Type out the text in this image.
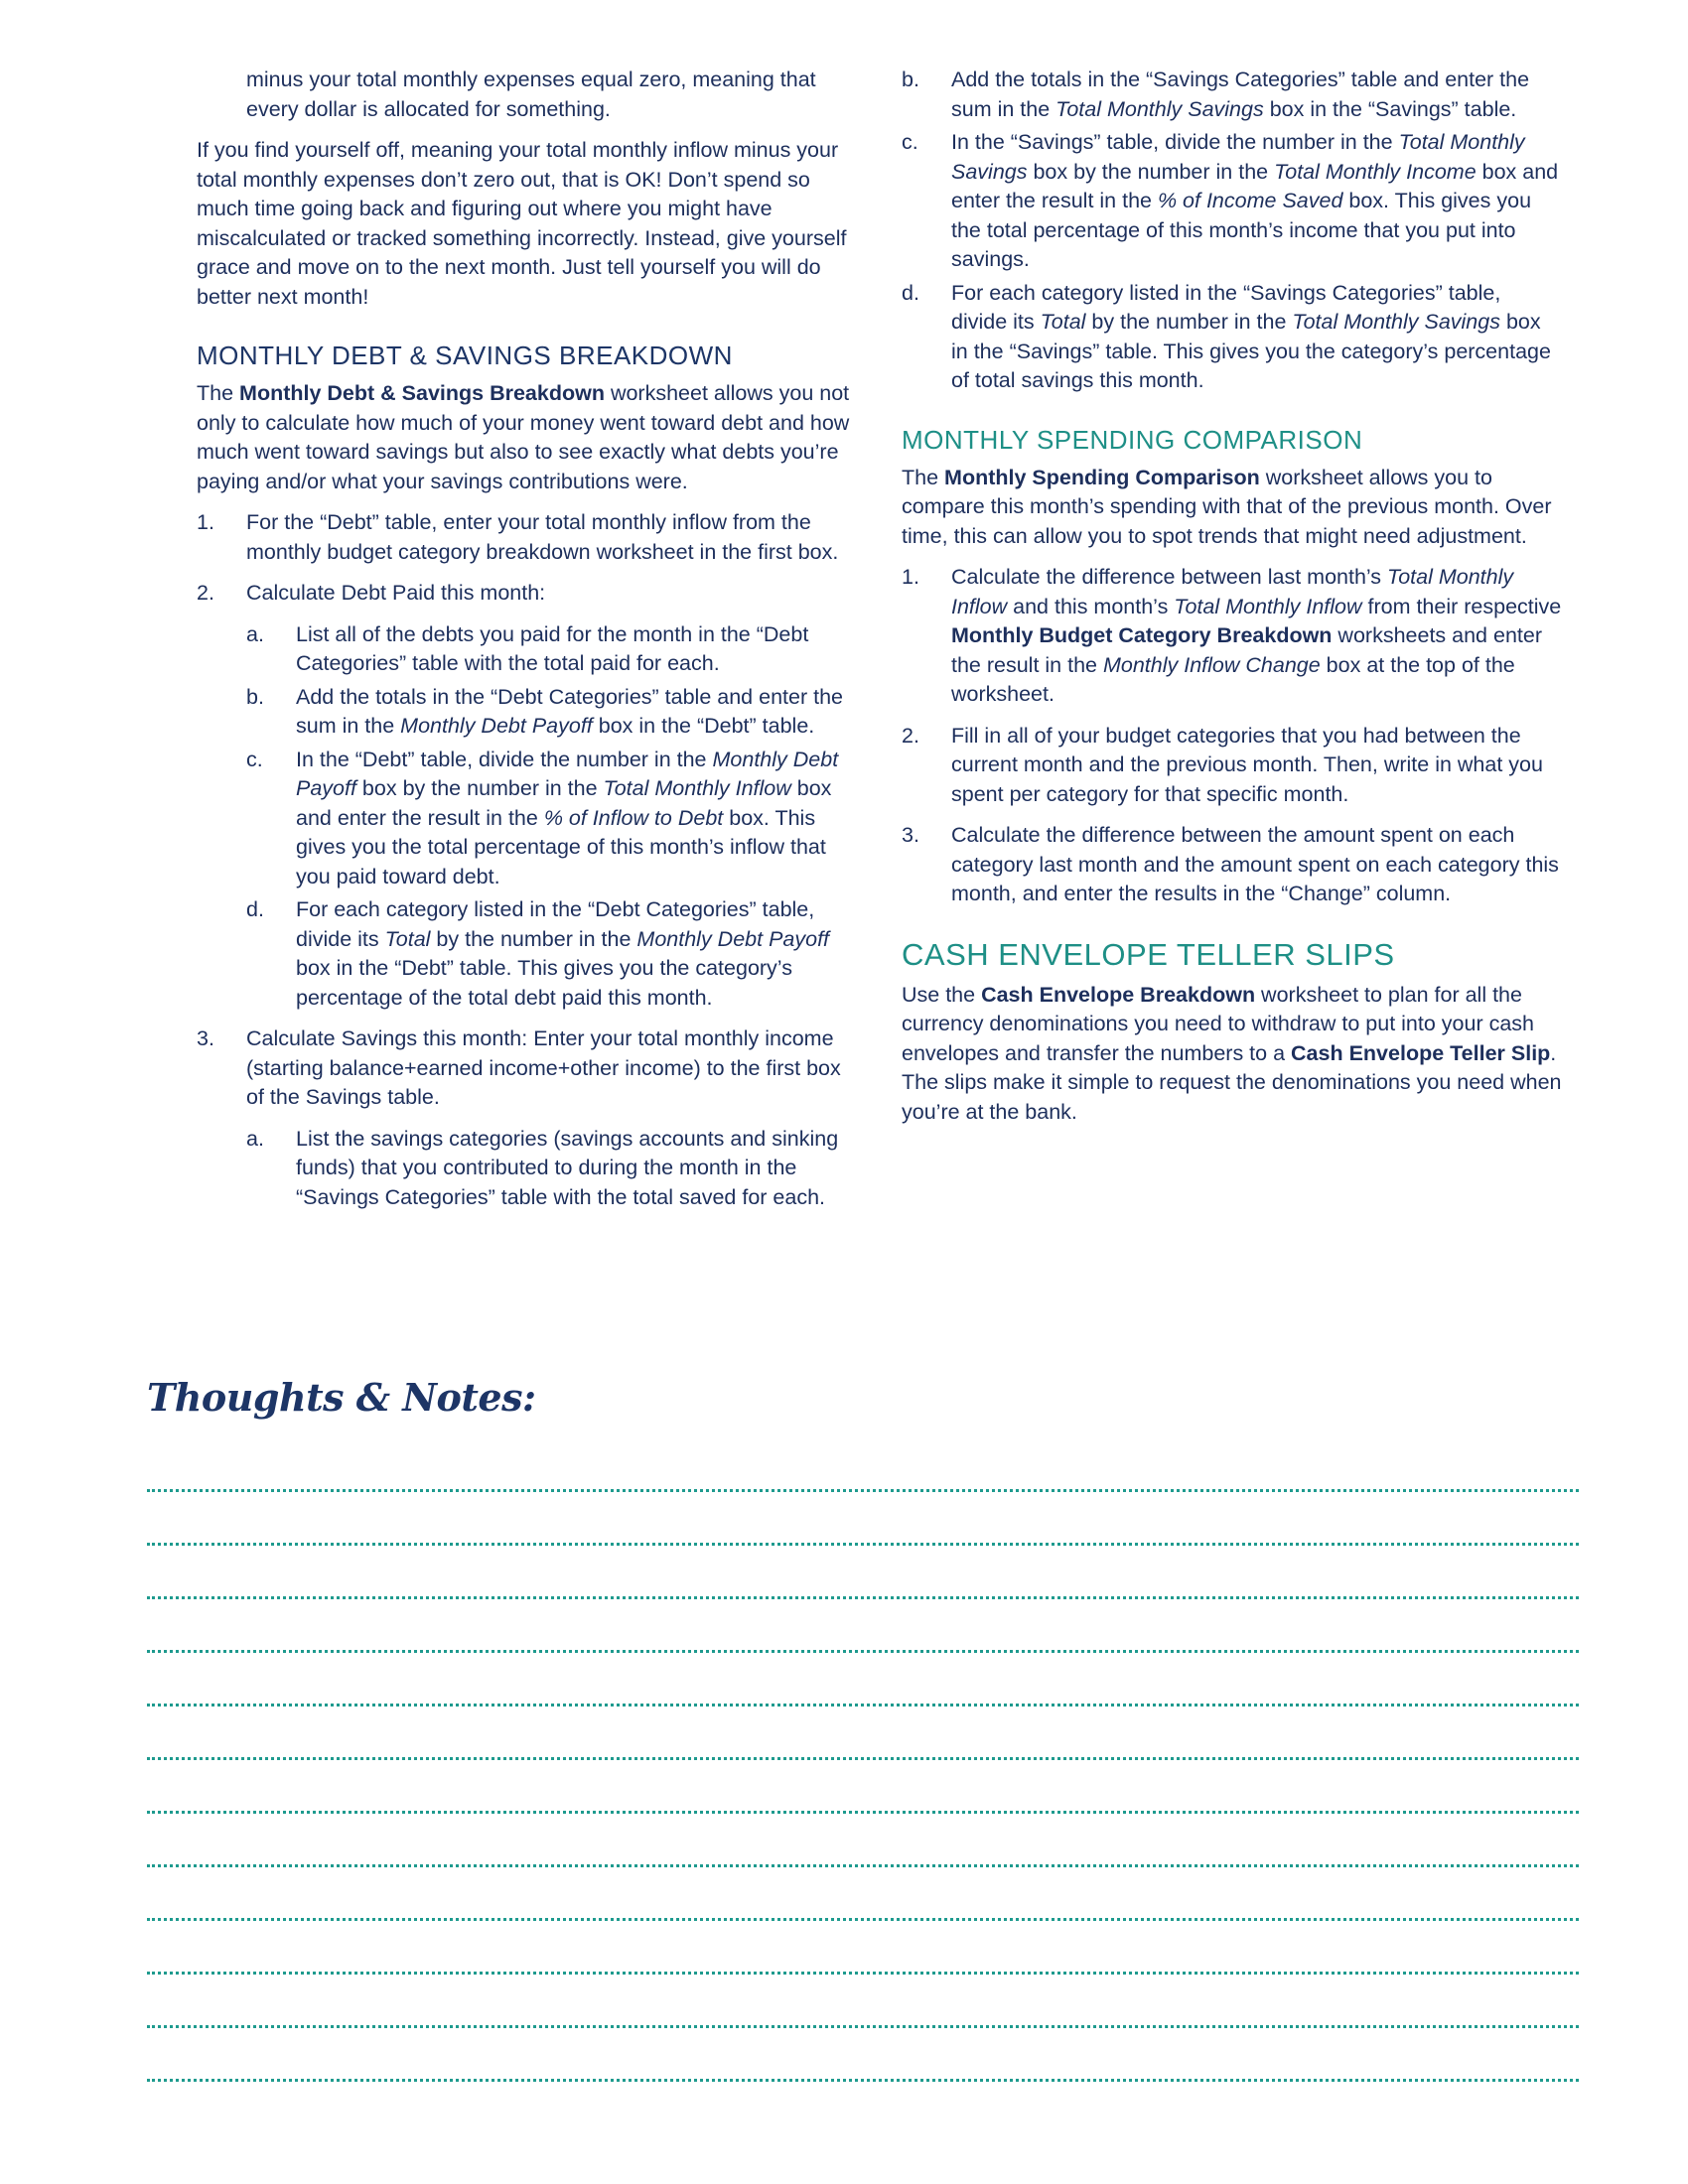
minus your total monthly expenses equal zero, meaning that every dollar is allocated for something.

If you find yourself off, meaning your total monthly inflow minus your total monthly expenses don’t zero out, that is OK! Don’t spend so much time going back and figuring out where you might have miscalculated or tracked something incorrectly. Instead, give yourself grace and move on to the next month. Just tell yourself you will do better next month!

MONTHLY DEBT & SAVINGS BREAKDOWN

The Monthly Debt & Savings Breakdown worksheet allows you not only to calculate how much of your money went toward debt and how much went toward savings but also to see exactly what debts you’re paying and/or what your savings contributions were.

1. For the “Debt” table, enter your total monthly inflow from the monthly budget category breakdown worksheet in the first box.
2. Calculate Debt Paid this month:
a. List all of the debts you paid for the month in the “Debt Categories” table with the total paid for each.
b. Add the totals in the “Debt Categories” table and enter the sum in the Monthly Debt Payoff box in the “Debt” table.
c. In the “Debt” table, divide the number in the Monthly Debt Payoff box by the number in the Total Monthly Inflow box and enter the result in the % of Inflow to Debt box. This gives you the total percentage of this month’s inflow that you paid toward debt.
d. For each category listed in the “Debt Categories” table, divide its Total by the number in the Monthly Debt Payoff box in the “Debt” table. This gives you the category’s percentage of the total debt paid this month.
3. Calculate Savings this month: Enter your total monthly income (starting balance+earned income+other income) to the first box of the Savings table.
a. List the savings categories (savings accounts and sinking funds) that you contributed to during the month in the “Savings Categories” table with the total saved for each.
b. Add the totals in the “Savings Categories” table and enter the sum in the Total Monthly Savings box in the “Savings” table.
c. In the “Savings” table, divide the number in the Total Monthly Savings box by the number in the Total Monthly Income box and enter the result in the % of Income Saved box. This gives you the total percentage of this month’s income that you put into savings.
d. For each category listed in the “Savings Categories” table, divide its Total by the number in the Total Monthly Savings box in the “Savings” table. This gives you the category’s percentage of total savings this month.
MONTHLY SPENDING COMPARISON

The Monthly Spending Comparison worksheet allows you to compare this month’s spending with that of the previous month. Over time, this can allow you to spot trends that might need adjustment.

1. Calculate the difference between last month’s Total Monthly Inflow and this month’s Total Monthly Inflow from their respective Monthly Budget Category Breakdown worksheets and enter the result in the Monthly Inflow Change box at the top of the worksheet.
2. Fill in all of your budget categories that you had between the current month and the previous month. Then, write in what you spent per category for that specific month.
3. Calculate the difference between the amount spent on each category last month and the amount spent on each category this month, and enter the results in the “Change” column.
CASH ENVELOPE TELLER SLIPS

Use the Cash Envelope Breakdown worksheet to plan for all the currency denominations you need to withdraw to put into your cash envelopes and transfer the numbers to a Cash Envelope Teller Slip. The slips make it simple to request the denominations you need when you’re at the bank.

Thoughts & Notes:
